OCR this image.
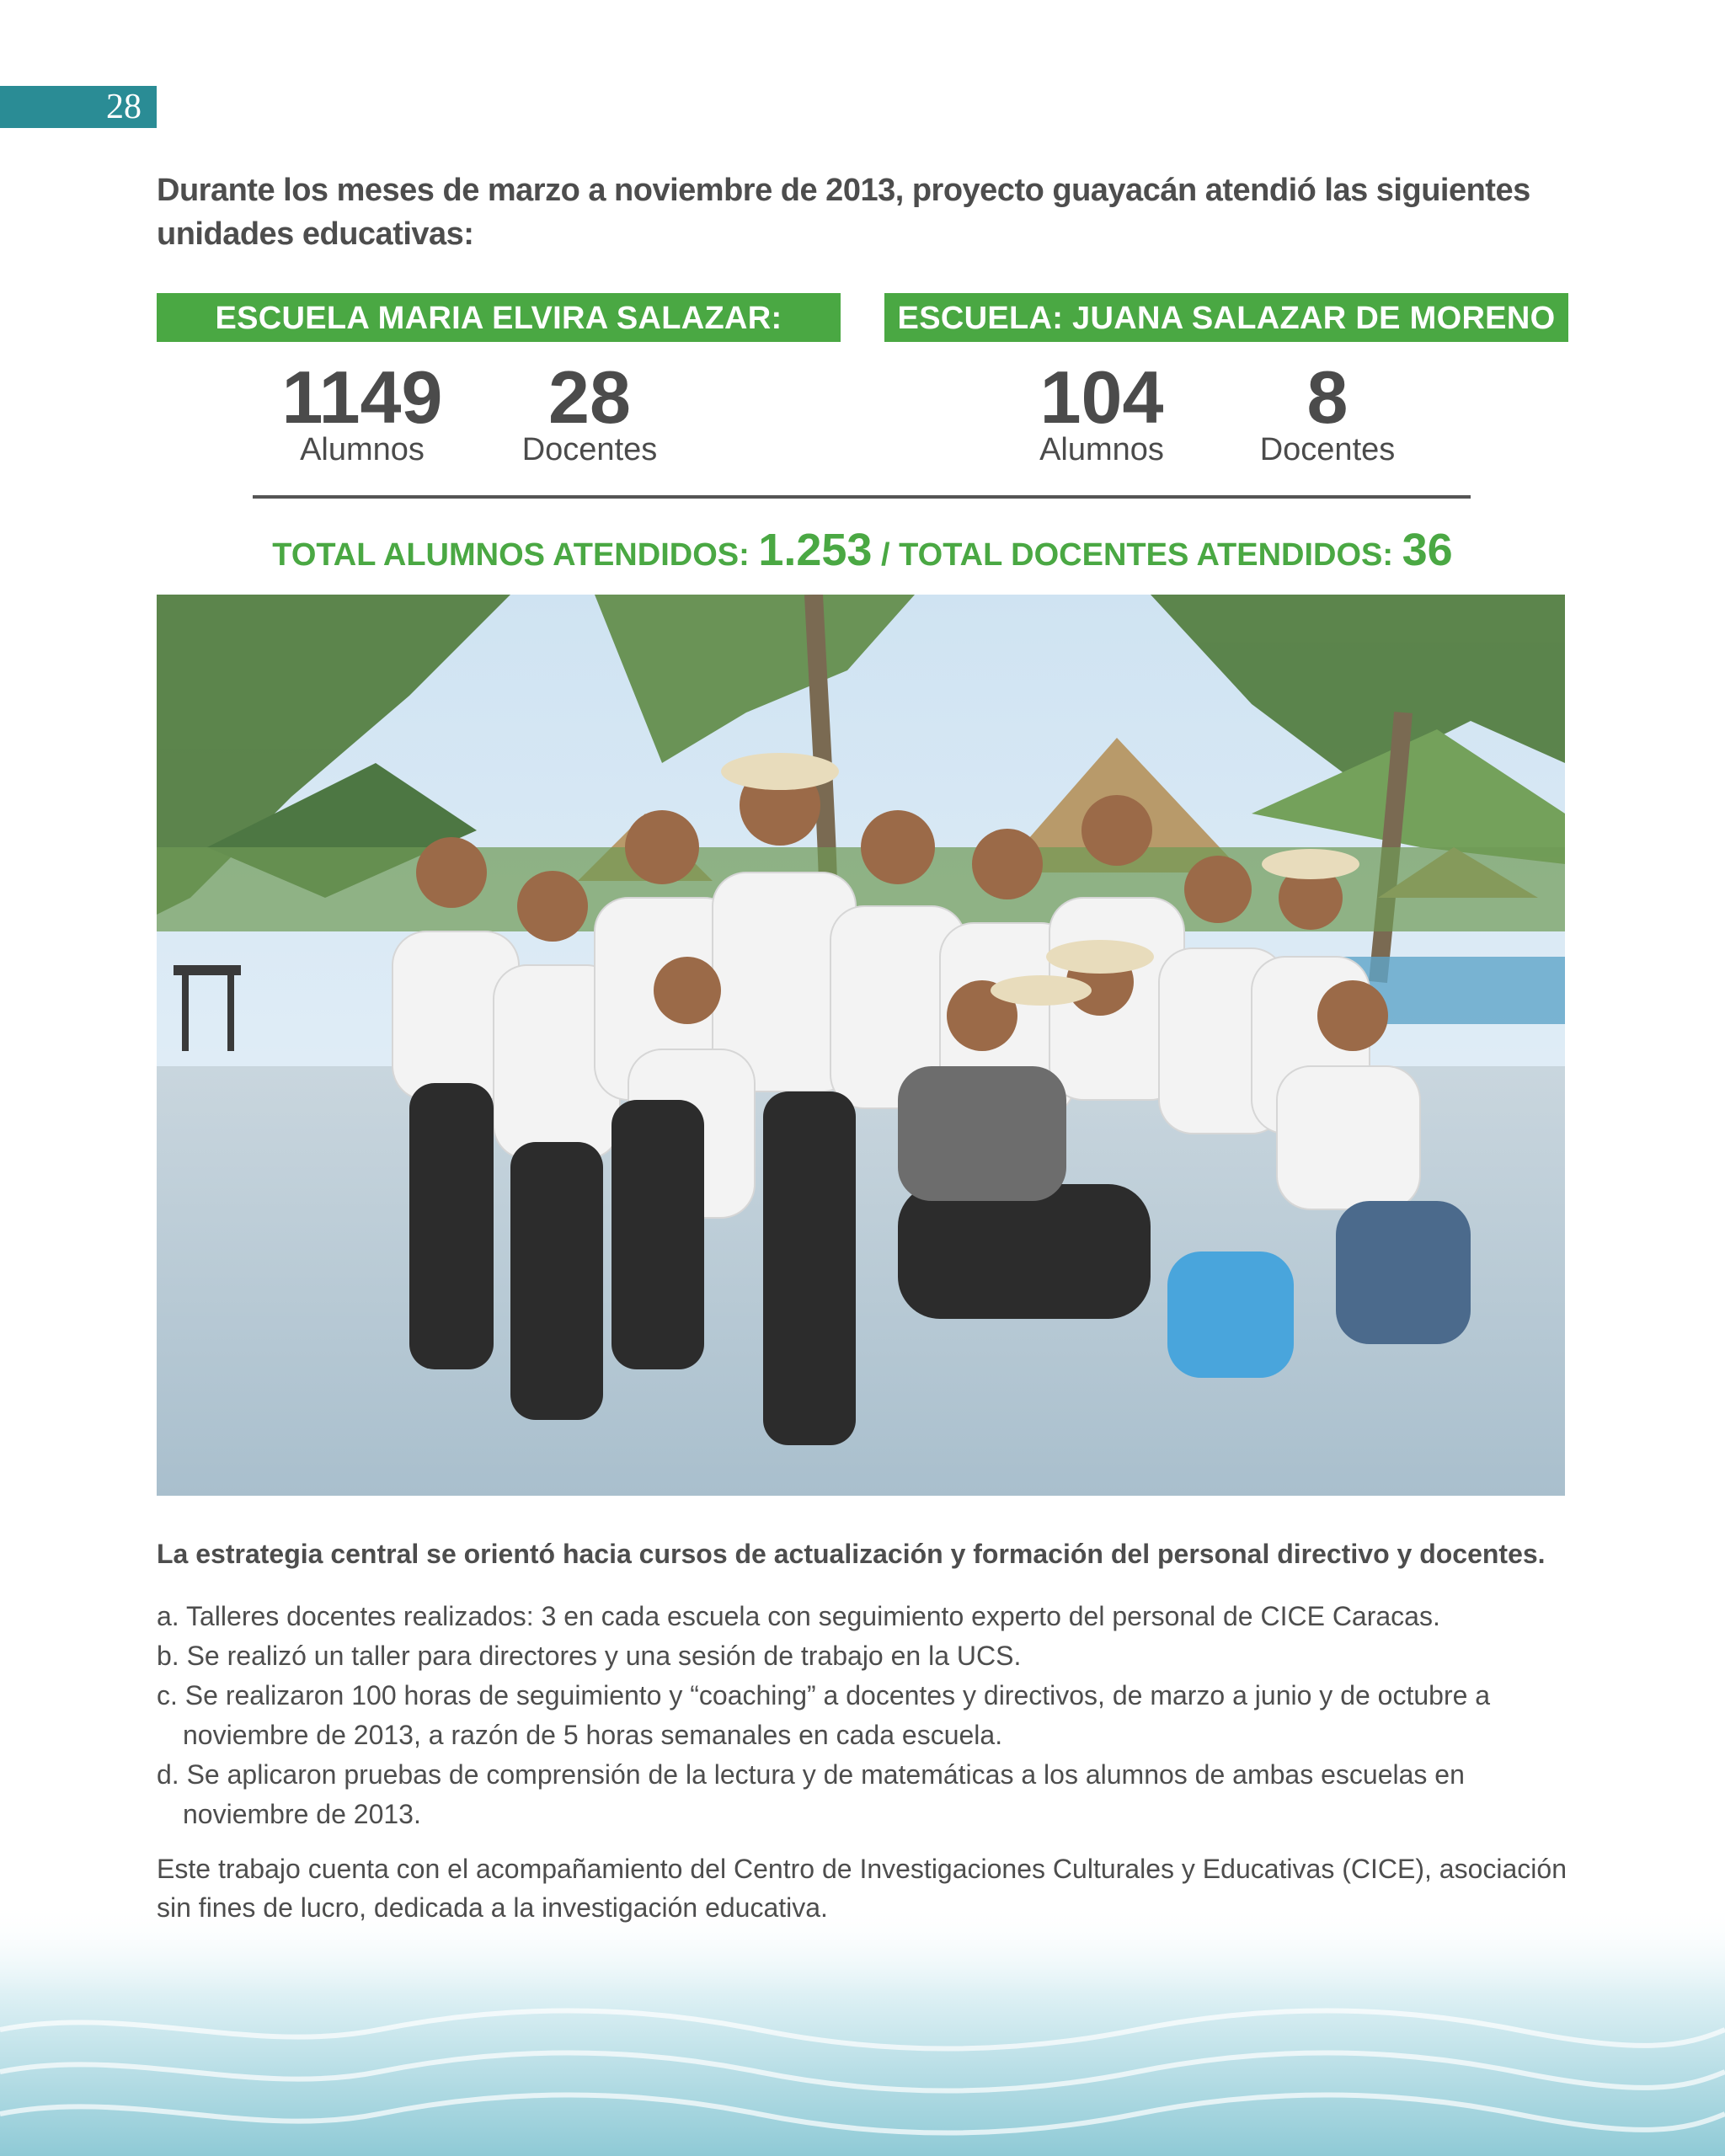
28
Durante los meses de marzo a noviembre de 2013, proyecto guayacán atendió las siguientes unidades educativas:
ESCUELA MARIA ELVIRA SALAZAR:	ESCUELA: JUANA SALAZAR DE MORENO
1149
Alumnos
28
Docentes
104
Alumnos
8
Docentes
TOTAL ALUMNOS ATENDIDOS: 1.253 / TOTAL DOCENTES ATENDIDOS: 36
La estrategia central se orientó hacia cursos de actualización y formación del personal directivo y docentes.
a. Talleres docentes realizados: 3 en cada escuela con seguimiento experto del personal de CICE Caracas.
b. Se realizó un taller para directores y una sesión de trabajo en la UCS.
c. Se realizaron 100 horas de seguimiento y “coaching” a docentes y directivos, de marzo a junio y de octubre a noviembre de 2013, a razón de 5 horas semanales en cada escuela.
d. Se aplicaron pruebas de comprensión de la lectura y de matemáticas a los alumnos de ambas escuelas en noviembre de 2013.
Este trabajo cuenta con el acompañamiento del Centro de Investigaciones Culturales y Educativas (CICE), asociación sin fines de lucro, dedicada a la investigación educativa.
